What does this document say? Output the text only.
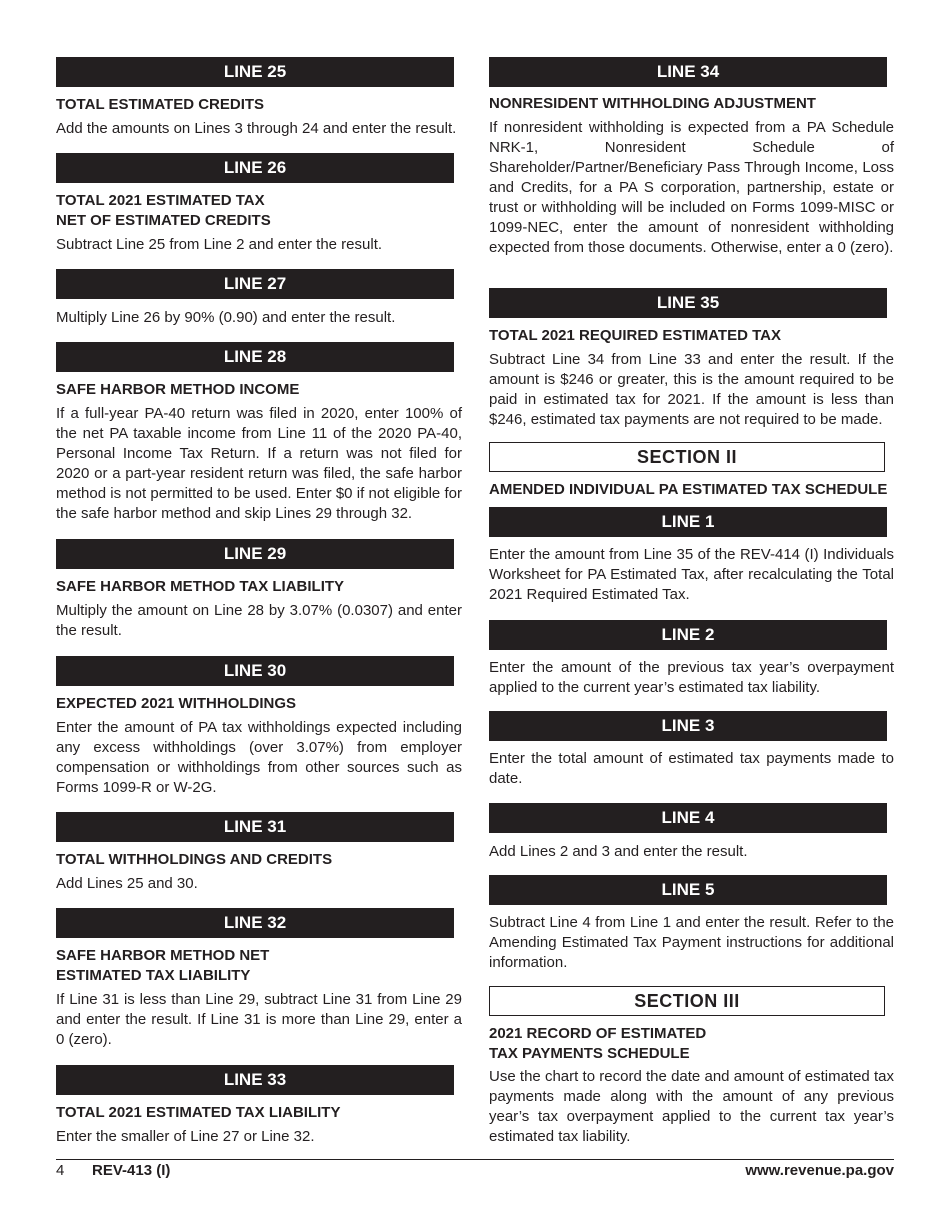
LINE 25
TOTAL ESTIMATED CREDITS
Add the amounts on Lines 3 through 24 and enter the result.
LINE 26
TOTAL 2021 ESTIMATED TAX
NET OF ESTIMATED CREDITS
Subtract Line 25 from Line 2 and enter the result.
LINE 27
Multiply Line 26 by 90% (0.90) and enter the result.
LINE 28
SAFE HARBOR METHOD INCOME
If a full-year PA-40 return was filed in 2020, enter 100% of the net PA taxable income from Line 11 of the 2020 PA-40, Personal Income Tax Return. If a return was not filed for 2020 or a part-year resident return was filed, the safe harbor method is not permitted to be used. Enter $0 if not eligible for the safe harbor method and skip Lines 29 through 32.
LINE 29
SAFE HARBOR METHOD TAX LIABILITY
Multiply the amount on Line 28 by 3.07% (0.0307) and enter the result.
LINE 30
EXPECTED 2021 WITHHOLDINGS
Enter the amount of PA tax withholdings expected including any excess withholdings (over 3.07%) from employer compensation or withholdings from other sources such as Forms 1099-R or W-2G.
LINE 31
TOTAL WITHHOLDINGS AND CREDITS
Add Lines 25 and 30.
LINE 32
SAFE HARBOR METHOD NET
ESTIMATED TAX LIABILITY
If Line 31 is less than Line 29, subtract Line 31 from Line 29 and enter the result. If Line 31 is more than Line 29, enter a 0 (zero).
LINE 33
TOTAL 2021 ESTIMATED TAX LIABILITY
Enter the smaller of Line 27 or Line 32.
LINE 34
NONRESIDENT WITHHOLDING ADJUSTMENT
If nonresident withholding is expected from a PA Schedule NRK-1, Nonresident Schedule of Shareholder/Partner/Beneficiary Pass Through Income, Loss and Credits, for a PA S corporation, partnership, estate or trust or withholding will be included on Forms 1099-MISC or 1099-NEC, enter the amount of nonresident withholding expected from those documents. Otherwise, enter a 0 (zero).
LINE 35
TOTAL 2021 REQUIRED ESTIMATED TAX
Subtract Line 34 from Line 33 and enter the result. If the amount is $246 or greater, this is the amount required to be paid in estimated tax for 2021. If the amount is less than $246, estimated tax payments are not required to be made.
SECTION II
AMENDED INDIVIDUAL PA ESTIMATED TAX SCHEDULE
LINE 1
Enter the amount from Line 35 of the REV-414 (I) Individuals Worksheet for PA Estimated Tax, after recalculating the Total 2021 Required Estimated Tax.
LINE 2
Enter the amount of the previous tax year’s overpayment applied to the current year’s estimated tax liability.
LINE 3
Enter the total amount of estimated tax payments made to date.
LINE 4
Add Lines 2 and 3 and enter the result.
LINE 5
Subtract Line 4 from Line 1 and enter the result. Refer to the Amending Estimated Tax Payment instructions for additional information.
SECTION III
2021 RECORD OF ESTIMATED
TAX PAYMENTS SCHEDULE
Use the chart to record the date and amount of estimated tax payments made along with the amount of any previous year’s tax overpayment applied to the current tax year’s estimated tax liability.
4 REV-413 (I)	www.revenue.pa.gov
